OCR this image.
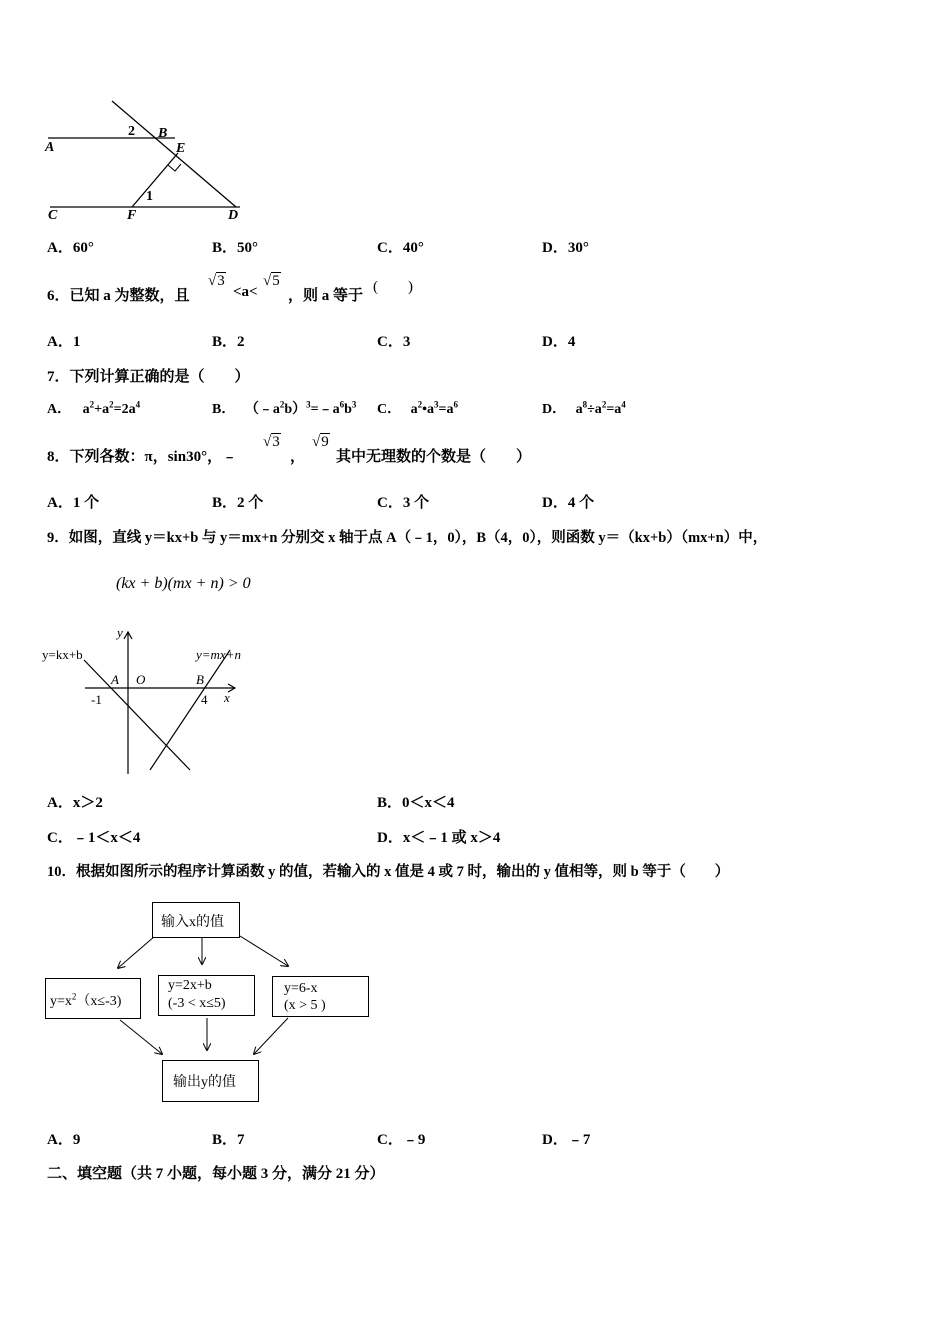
A
2 B
E
1
C	F	D
A．60°	B．50°	C．40°	D．30°
6．已知 a 为整数，且
√3
<a<
√5
，则 a 等于
(　　)
A．1	B．2	C．3	D．4
7．下列计算正确的是（　　）
A． $a^2+a^2=2a^4$	B． $(﹣a^2b)^3=﹣a^6b^3$ C． $a^2•a^3=a^6$	D． $a^8\div a^2=a^4$
8．下列各数：π，sin30°，﹣
√3
，
√9
其中无理数的个数是（　　）
A．1 个	B．2 个	C．3 个	D．4 个
9．如图，直线 y＝kx+b 与 y＝mx+n 分别交 x 轴于点 A（﹣1，0），B（4，0），则函数 y＝（kx+b）（mx+n）中，
(kx + b)(mx + n) > 0
y
y=kx+b	y=mx+n
A O	B
-1	4 x
A．x＞2	B．0＜x＜4
C．﹣1＜x＜4	D．x＜﹣1 或 x＞4
10．根据如图所示的程序计算函数 y 的值，若输入的 x 值是 4 或 7 时，输出的 y 值相等，则 b 等于（　　）
输入x的值
$y=x^2(x\le-3)$
y=2x+b
(-3 < x≤5)
y=6-x
(x > 5 )
输出y的值
A．9	B．7	C．﹣9	D．﹣7
二、填空题（共 7 小题，每小题 3 分，满分 21 分）
